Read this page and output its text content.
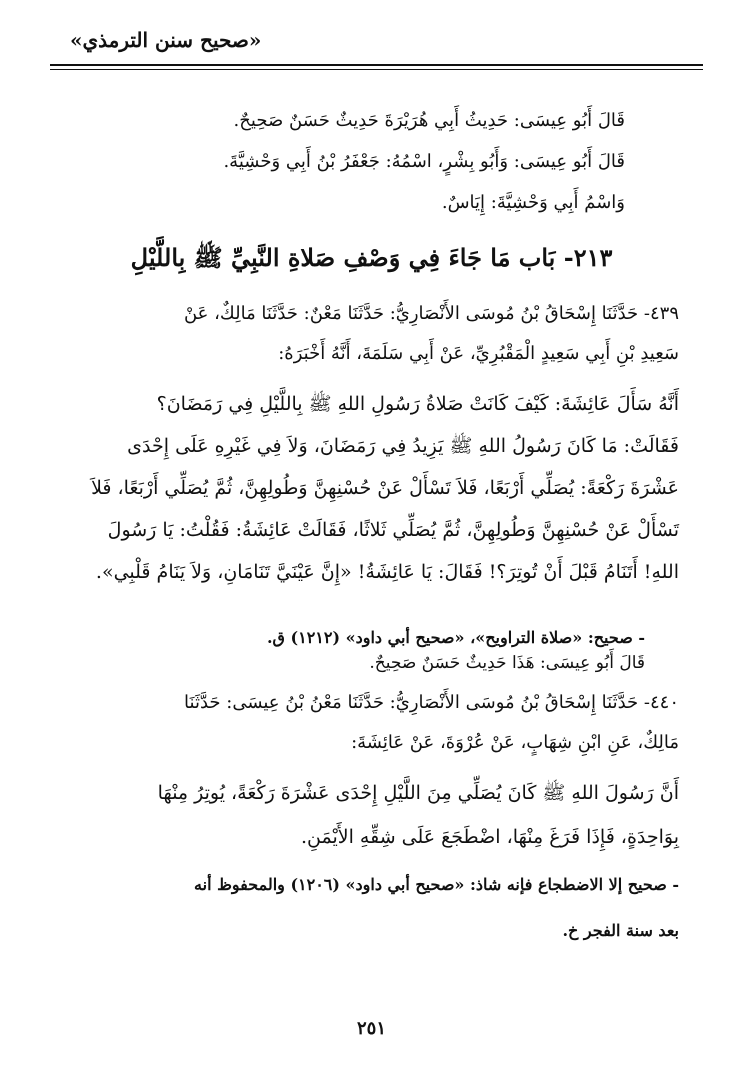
«صحيح سنن الترمذي»
قَالَ أَبُو عِيسَى: حَدِيثُ أَبِي هُرَيْرَةَ حَدِيثٌ حَسَنٌ صَحِيحٌ.
قَالَ أَبُو عِيسَى: وَأَبُو بِشْرٍ، اسْمُهُ: جَعْفَرُ بْنُ أَبِي وَحْشِيَّةَ.
وَاسْمُ أَبِي وَحْشِيَّةَ: إِيَاسٌ.
٢١٣- بَاب مَا جَاءَ فِي وَصْفِ صَلاةِ النَّبِيِّ ﷺ بِاللَّيْلِ
٤٣٩- حَدَّثَنَا إِسْحَاقُ بْنُ مُوسَى الأَنْصَارِيُّ: حَدَّثَنَا مَعْنٌ: حَدَّثَنَا مَالِكٌ، عَنْ
سَعِيدِ بْنِ أَبِي سَعِيدٍ الْمَقْبُرِيِّ، عَنْ أَبِي سَلَمَةَ، أَنَّهُ أَخْبَرَهُ:
أَنَّهُ سَأَلَ عَائِشَةَ: كَيْفَ كَانَتْ صَلاةُ رَسُولِ اللهِ ﷺ بِاللَّيْلِ فِي رَمَضَانَ؟
فَقَالَتْ: مَا كَانَ رَسُولُ اللهِ ﷺ يَزِيدُ فِي رَمَضَانَ، وَلاَ فِي غَيْرِهِ عَلَى إِحْدَى
عَشْرَةَ رَكْعَةً: يُصَلِّي أَرْبَعًا، فَلاَ تَسْأَلْ عَنْ حُسْنِهِنَّ وَطُولِهِنَّ، ثُمَّ يُصَلِّي أَرْبَعًا، فَلاَ
تَسْأَلْ عَنْ حُسْنِهِنَّ وَطُولِهِنَّ، ثُمَّ يُصَلِّي ثَلاثًا، فَقَالَتْ عَائِشَةُ: فَقُلْتُ: يَا رَسُولَ
اللهِ! أَتَنَامُ قَبْلَ أَنْ تُوتِرَ؟! فَقَالَ: يَا عَائِشَةُ! «إِنَّ عَيْنَيَّ تَنَامَانِ، وَلاَ يَنَامُ قَلْبِي».
- صحيح: «صلاة التراويح»، «صحيح أبي داود» (١٢١٢) ق.
قَالَ أَبُو عِيسَى: هَذَا حَدِيثٌ حَسَنٌ صَحِيحٌ.
٤٤٠- حَدَّثَنَا إِسْحَاقُ بْنُ مُوسَى الأَنْصَارِيُّ: حَدَّثَنَا مَعْنُ بْنُ عِيسَى: حَدَّثَنَا
مَالِكٌ، عَنِ ابْنِ شِهَابٍ، عَنْ عُرْوَةَ، عَنْ عَائِشَةَ:
أَنَّ رَسُولَ اللهِ ﷺ كَانَ يُصَلِّي مِنَ اللَّيْلِ إِحْدَى عَشْرَةَ رَكْعَةً، يُوتِرُ مِنْهَا
بِوَاحِدَةٍ، فَإِذَا فَرَغَ مِنْهَا، اضْطَجَعَ عَلَى شِقِّهِ الأَيْمَنِ.
- صحيح إلا الاضطجاع فإنه شاذ: «صحيح أبي داود» (١٢٠٦) والمحفوظ أنه
بعد سنة الفجر خ.
٢٥١
